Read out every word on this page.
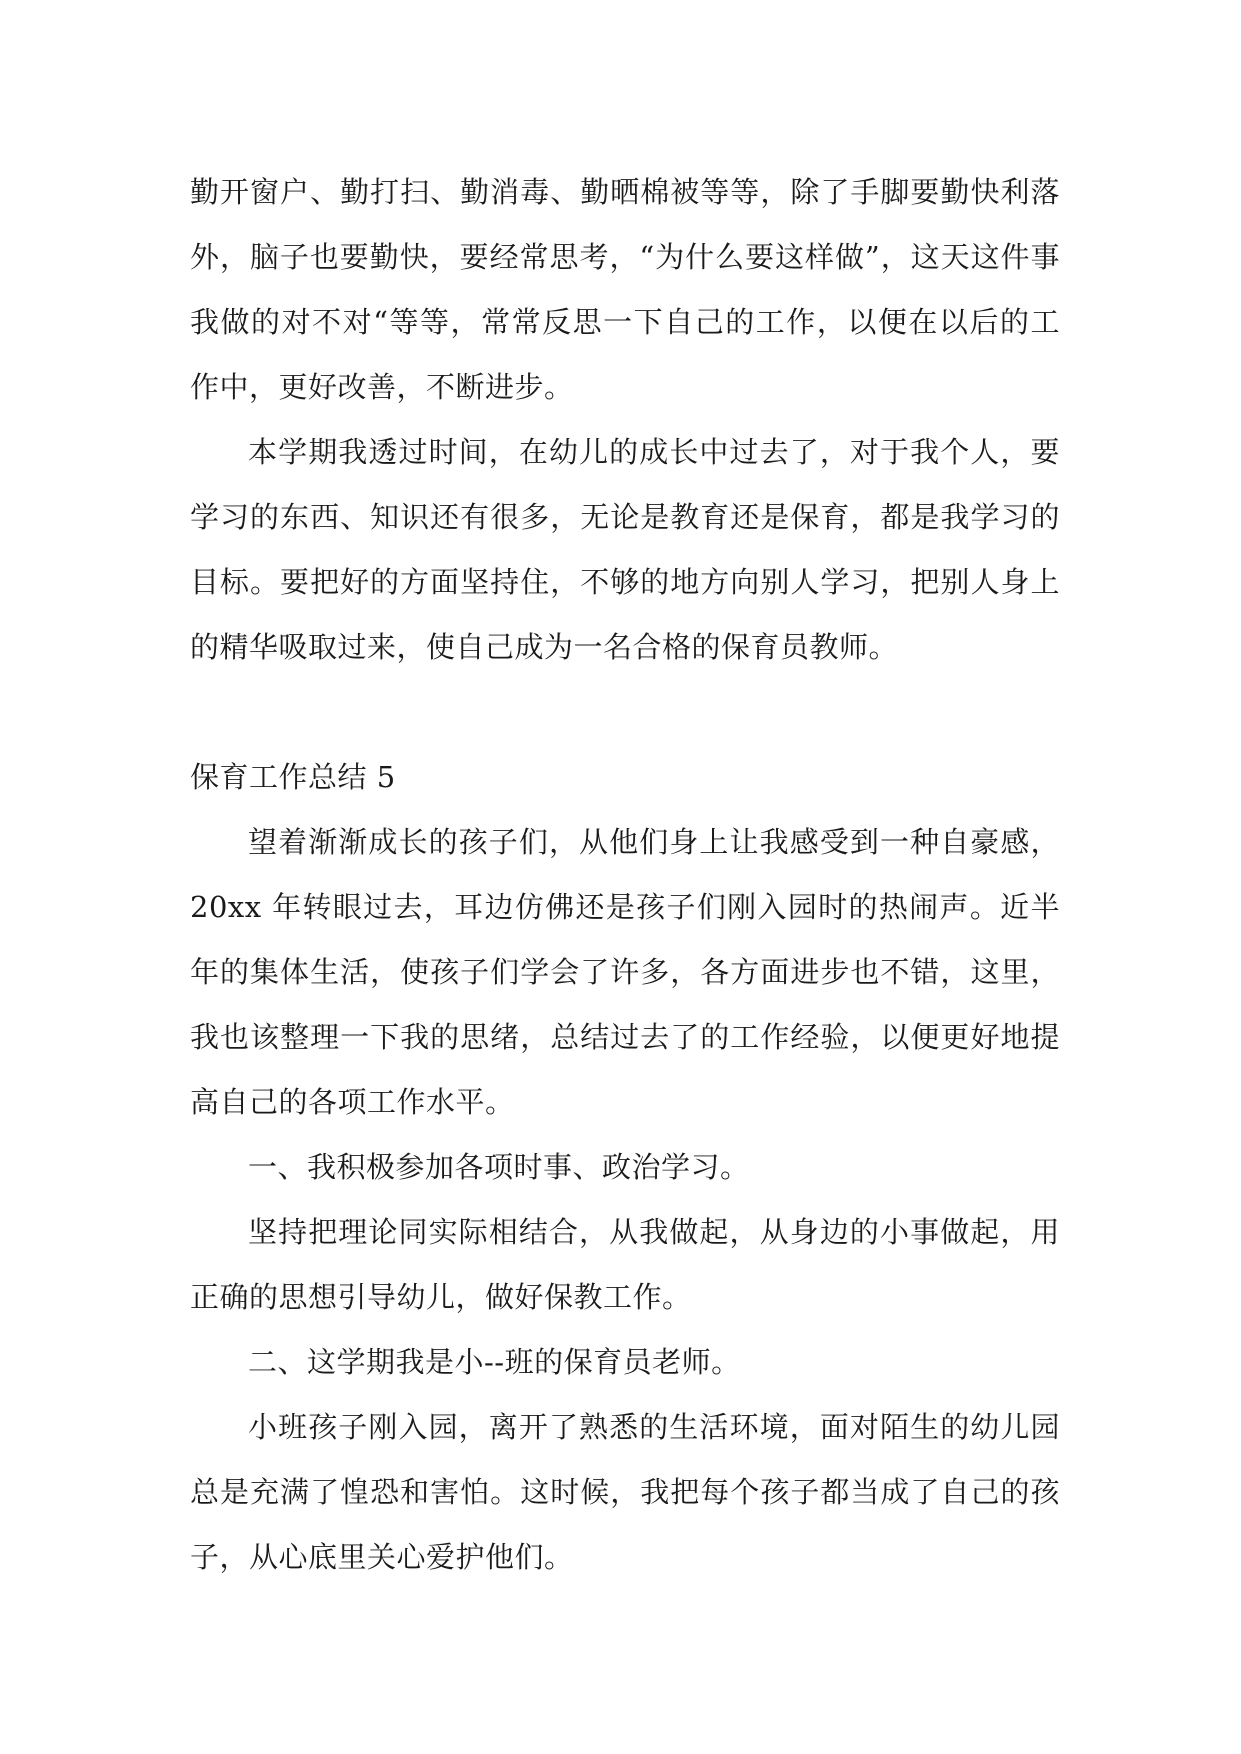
勤开窗户、勤打扫、勤消毒、勤晒棉被等等，除了手脚要勤快利落外，脑子也要勤快，要经常思考，“为什么要这样做”，这天这件事我做的对不对“等等，常常反思一下自己的工作，以便在以后的工作中，更好改善，不断进步。

本学期我透过时间，在幼儿的成长中过去了，对于我个人，要学习的东西、知识还有很多，无论是教育还是保育，都是我学习的目标。要把好的方面坚持住，不够的地方向别人学习，把别人身上的精华吸取过来，使自己成为一名合格的保育员教师。

保育工作总结 5

望着渐渐成长的孩子们，从他们身上让我感受到一种自豪感，20xx 年转眼过去，耳边仿佛还是孩子们刚入园时的热闹声。近半年的集体生活，使孩子们学会了许多，各方面进步也不错，这里，我也该整理一下我的思绪，总结过去了的工作经验，以便更好地提高自己的各项工作水平。

一、我积极参加各项时事、政治学习。

坚持把理论同实际相结合，从我做起，从身边的小事做起，用正确的思想引导幼儿，做好保教工作。

二、这学期我是小--班的保育员老师。

小班孩子刚入园，离开了熟悉的生活环境，面对陌生的幼儿园总是充满了惶恐和害怕。这时候，我把每个孩子都当成了自己的孩子，从心底里关心爱护他们。
